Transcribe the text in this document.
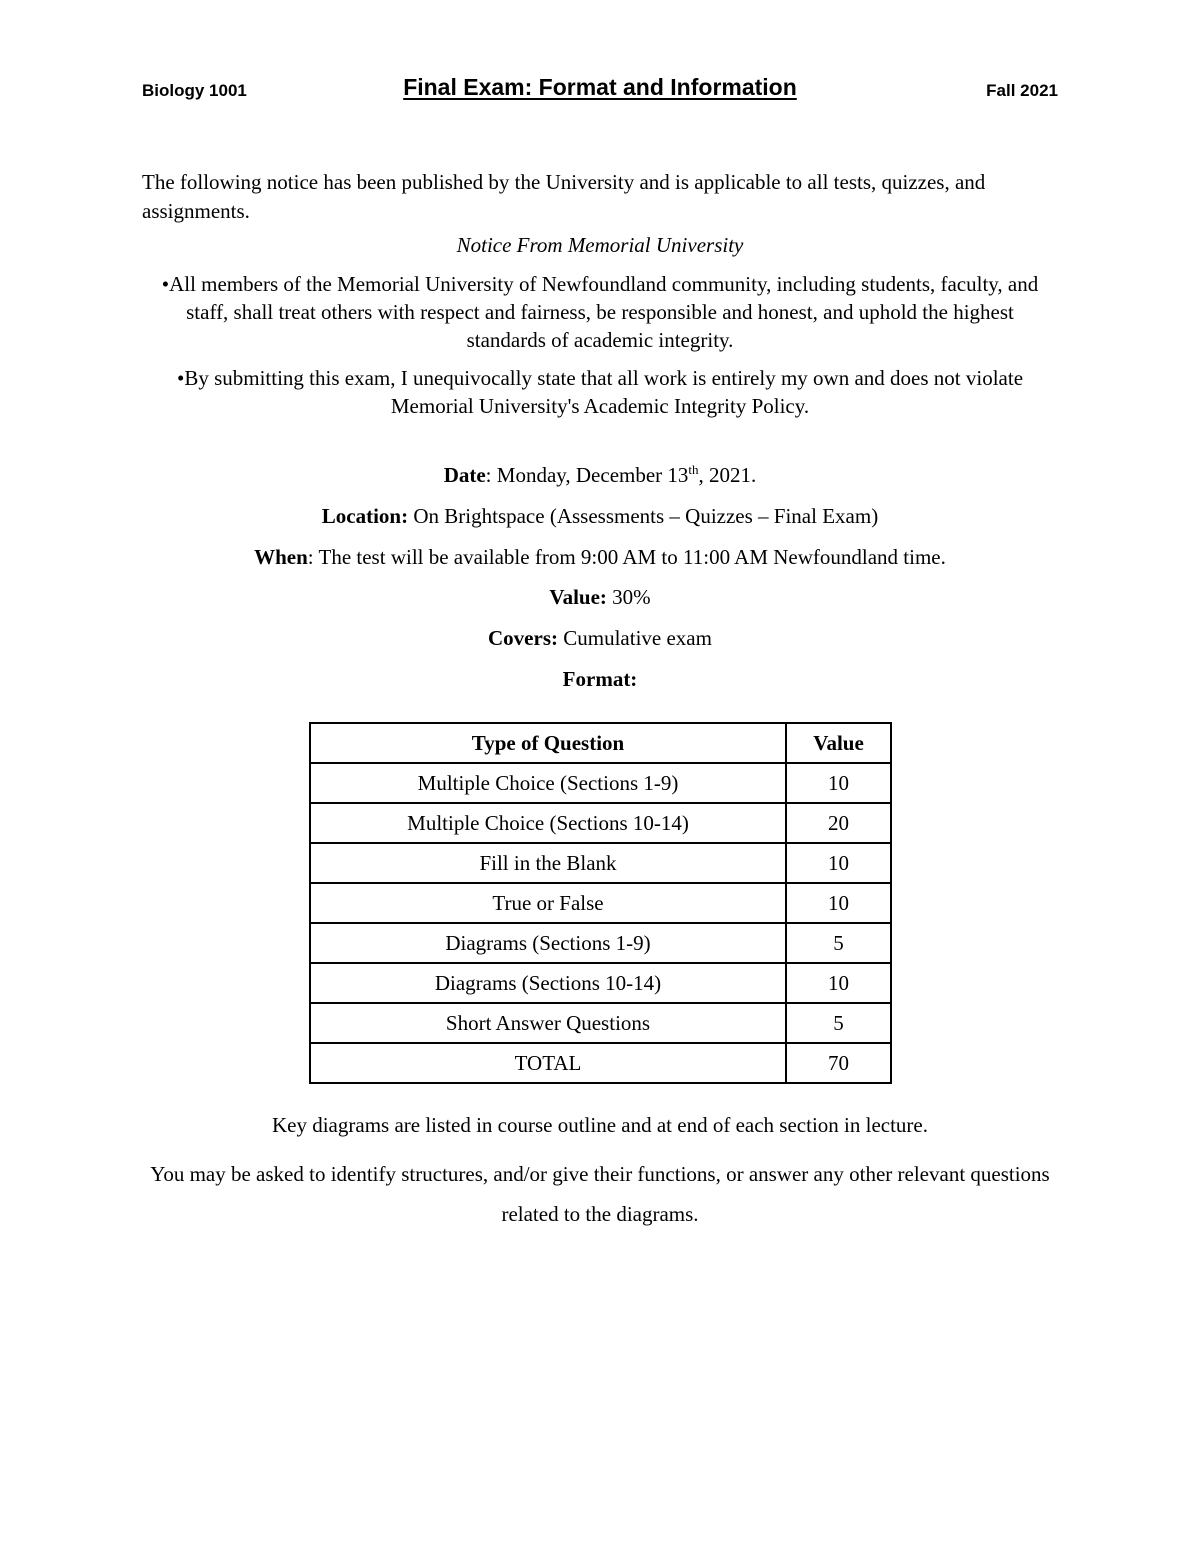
Biology 1001	Final Exam: Format and Information	Fall 2021
The following notice has been published by the University and is applicable to all tests, quizzes, and assignments.
Notice From Memorial University
•All members of the Memorial University of Newfoundland community, including students, faculty, and staff, shall treat others with respect and fairness, be responsible and honest, and uphold the highest standards of academic integrity.
•By submitting this exam, I unequivocally state that all work is entirely my own and does not violate Memorial University's Academic Integrity Policy.
Date: Monday, December 13th, 2021.
Location: On Brightspace (Assessments – Quizzes – Final Exam)
When: The test will be available from 9:00 AM to 11:00 AM Newfoundland time.
Value: 30%
Covers: Cumulative exam
Format:
Type of Question	Value
Multiple Choice (Sections 1-9)	10
Multiple Choice (Sections 10-14)	20
Fill in the Blank	10
True or False	10
Diagrams (Sections 1-9)	5
Diagrams (Sections 10-14)	10
Short Answer Questions	5
TOTAL	70
Key diagrams are listed in course outline and at end of each section in lecture.
You may be asked to identify structures, and/or give their functions, or answer any other relevant questions related to the diagrams.
